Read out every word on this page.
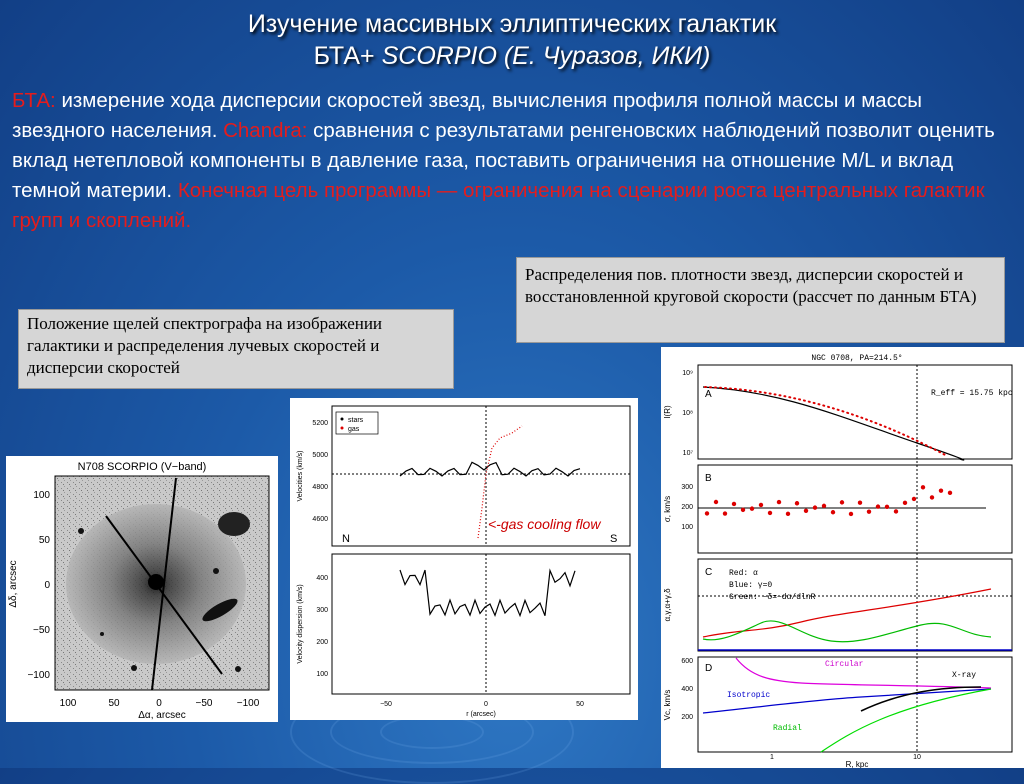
Изучение массивных эллиптических галактик
БТА+ SCORPIO (Е. Чуразов, ИКИ)
БТА: измерение хода дисперсии скоростей звезд, вычисления профиля полной массы и массы звездного населения. Chandra: сравнения с результатами ренгеновских наблюдений позволит оценить вклад нетепловой компоненты в давление газа, поставить ограничения на отношение M/L и вклад темной материи. Конечная цель программы — ограничения на сценарии роста центральных галактик групп и скоплений.
Положение щелей спектрографа на изображении галактики и распределения лучевых скоростей и дисперсии скоростей
Распределения пов. плотности звезд, дисперсии скоростей и восстановленной круговой скорости (рассчет по данным БТА)
N708 SCORPIO (V−band)
100
50
0
−50
−100
100	50	0	−50 −100
Δδ, arcsec
Δα, arcsec
stars
gas
N	S
<-gas cooling flow
5200
5000
4800
4600
Velocities (km/s)
400
300
200
100
Velocity dispersion (km/s)
−50	0	50
r (arcsec)
NGC 0708, PA=214.5°
A	R_eff = 15.75 kpc
10⁹
10⁸
10⁷
I(R)
B
300
200
100
σ, km/s
C Red: α
Blue: γ=0
Green: −δ=−dα/dlnR
α,γ,α+γ,δ
D	Circular
X-ray
Isotropic
Radial
600
400
200
Vc, km/s
1	10
R, kpc
